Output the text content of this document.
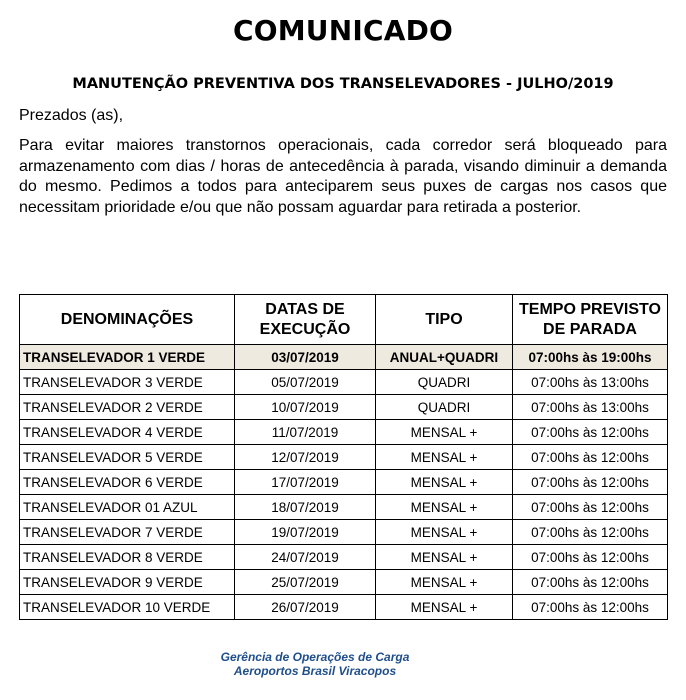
COMUNICADO
MANUTENÇÃO PREVENTIVA DOS TRANSELEVADORES - JULHO/2019
Prezados (as),
Para evitar maiores transtornos operacionais, cada corredor será bloqueado para armazenamento com dias / horas de antecedência à parada, visando diminuir a demanda do mesmo. Pedimos a todos para anteciparem seus puxes de cargas nos casos que necessitam prioridade e/ou que não possam aguardar para retirada a posterior.
DENOMINAÇÕES	DATAS DE EXECUÇÃO	TIPO	TEMPO PREVISTO DE PARADA
TRANSELEVADOR 1 VERDE	03/07/2019	ANUAL+QUADRI	07:00hs às 19:00hs
TRANSELEVADOR 3 VERDE	05/07/2019	QUADRI	07:00hs às 13:00hs
TRANSELEVADOR 2 VERDE	10/07/2019	QUADRI	07:00hs às 13:00hs
TRANSELEVADOR 4 VERDE	11/07/2019	MENSAL +	07:00hs às 12:00hs
TRANSELEVADOR 5 VERDE	12/07/2019	MENSAL +	07:00hs às 12:00hs
TRANSELEVADOR 6 VERDE	17/07/2019	MENSAL +	07:00hs às 12:00hs
TRANSELEVADOR 01 AZUL	18/07/2019	MENSAL +	07:00hs às 12:00hs
TRANSELEVADOR 7 VERDE	19/07/2019	MENSAL +	07:00hs às 12:00hs
TRANSELEVADOR 8 VERDE	24/07/2019	MENSAL +	07:00hs às 12:00hs
TRANSELEVADOR 9 VERDE	25/07/2019	MENSAL +	07:00hs às 12:00hs
TRANSELEVADOR 10 VERDE	26/07/2019	MENSAL +	07:00hs às 12:00hs
Gerência de Operações de Carga
Aeroportos Brasil Viracopos
